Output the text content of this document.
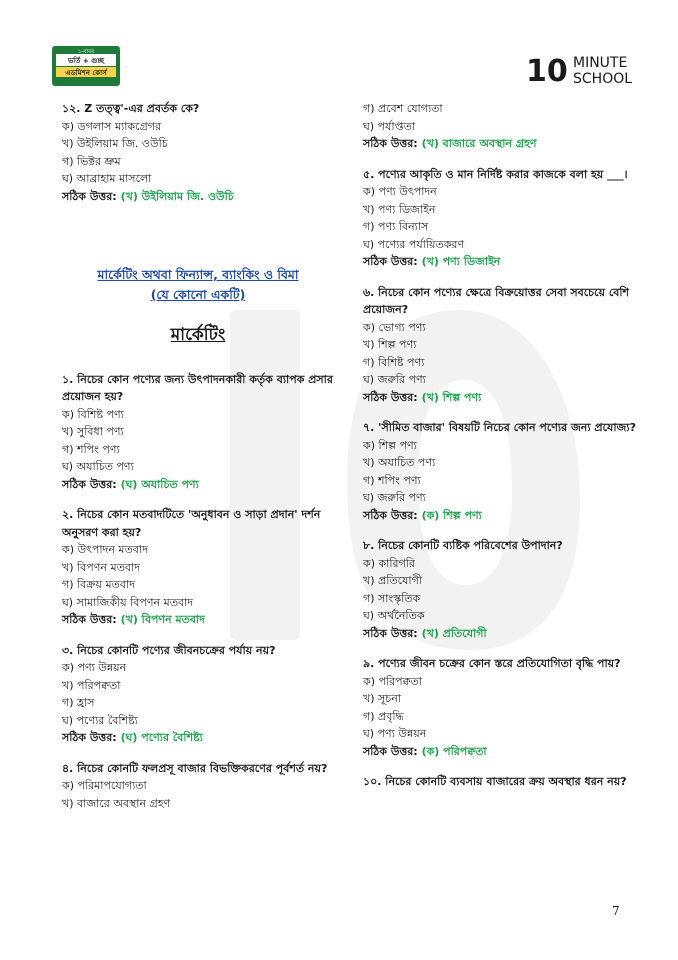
১-বাবর
ভর্তি + গুচ্ছ
এডমিশন কোর্স	10 MINUTE
SCHOOL
১২. Z তত্ত্ব'-এর প্রবর্তক কে?
ক) ডগলাস ম্যাকগ্রেগর
খ) উইলিয়াম জি. ওউচি
গ) ভিক্টর ভ্রুম
ঘ) আব্রাহাম মাসলো
সঠিক উত্তর: (খ) উইলিয়াম জি. ওউচি
মার্কেটিং অথবা ফিন্যান্স, ব্যাংকিং ও বিমা
(যে কোনো একটি)
মার্কেটিং
১. নিচের কোন পণ্যের জন্য উৎপাদনকারী কর্তৃক ব্যাপক প্রসার প্রয়োজন হয়?
ক) বিশিষ্ট পণ্য
খ) সুবিধা পণ্য
গ) শপিং পণ্য
ঘ) অযাচিত পণ্য
সঠিক উত্তর: (ঘ) অযাচিত পণ্য
২. নিচের কোন মতবাদটিতে 'অনুধাবন ও সাড়া প্রদান' দর্শন অনুসরণ করা হয়?
ক) উৎপাদন মতবাদ
খ) বিপণন মতবাদ
গ) বিক্রয় মতবাদ
ঘ) সামাজিকীয় বিপণন মতবাদ
সঠিক উত্তর: (খ) বিপণন মতবাদ
৩. নিচের কোনটি পণ্যের জীবনচক্রের পর্যায় নয়?
ক) পণ্য উন্নয়ন
খ) পরিপক্বতা
গ) হ্রাস
ঘ) পণ্যের বৈশিষ্ট্য
সঠিক উত্তর: (ঘ) পণ্যের বৈশিষ্ট্য
৪. নিচের কোনটি ফলপ্রসূ বাজার বিভক্তিকরণের পূর্বশর্ত নয়?
ক) পরিমাপযোগ্যতা
খ) বাজারে অবস্থান গ্রহণ
গ) প্রবেশ যোগ্যতা
ঘ) পর্যাপ্ততা
সঠিক উত্তর: (খ) বাজারে অবস্থান গ্রহণ
৫. পণ্যের আকৃতি ও মান নির্দিষ্ট করার কাজকে বলা হয় ___।
ক) পণ্য উৎপাদন
খ) পণ্য ডিজাইন
গ) পণ্য বিন্যাস
ঘ) পণ্যের পর্যায়িতকরণ
সঠিক উত্তর: (খ) পণ্য ডিজাইন
৬. নিচের কোন পণ্যের ক্ষেত্রে বিক্রয়োত্তর সেবা সবচেয়ে বেশি প্রয়োজন?
ক) ভোগ্য পণ্য
খ) শিল্প পণ্য
গ) বিশিষ্ট পণ্য
ঘ) জরুরি পণ্য
সঠিক উত্তর: (খ) শিল্প পণ্য
৭. 'সীমিত বাজার' বিষয়টি নিচের কোন পণ্যের জন্য প্রযোজ্য?
ক) শিল্প পণ্য
খ) অযাচিত পণ্য
গ) শপিং পণ্য
ঘ) জরুরি পণ্য
সঠিক উত্তর: (ক) শিল্প পণ্য
৮. নিচের কোনটি ব্যষ্টিক পরিবেশের উপাদান?
ক) কারিগরি
খ) প্রতিযোগী
গ) সাংস্কৃতিক
ঘ) অর্থনৈতিক
সঠিক উত্তর: (খ) প্রতিযোগী
৯. পণ্যের জীবন চক্রের কোন স্তরে প্রতিযোগিতা বৃদ্ধি পায়?
ক) পরিপক্বতা
খ) সূচনা
গ) প্রবৃদ্ধি
ঘ) পণ্য উন্নয়ন
সঠিক উত্তর: (ক) পরিপক্বতা
১০. নিচের কোনটি ব্যবসায় বাজারের ক্রয় অবস্থার ধরন নয়?
7
